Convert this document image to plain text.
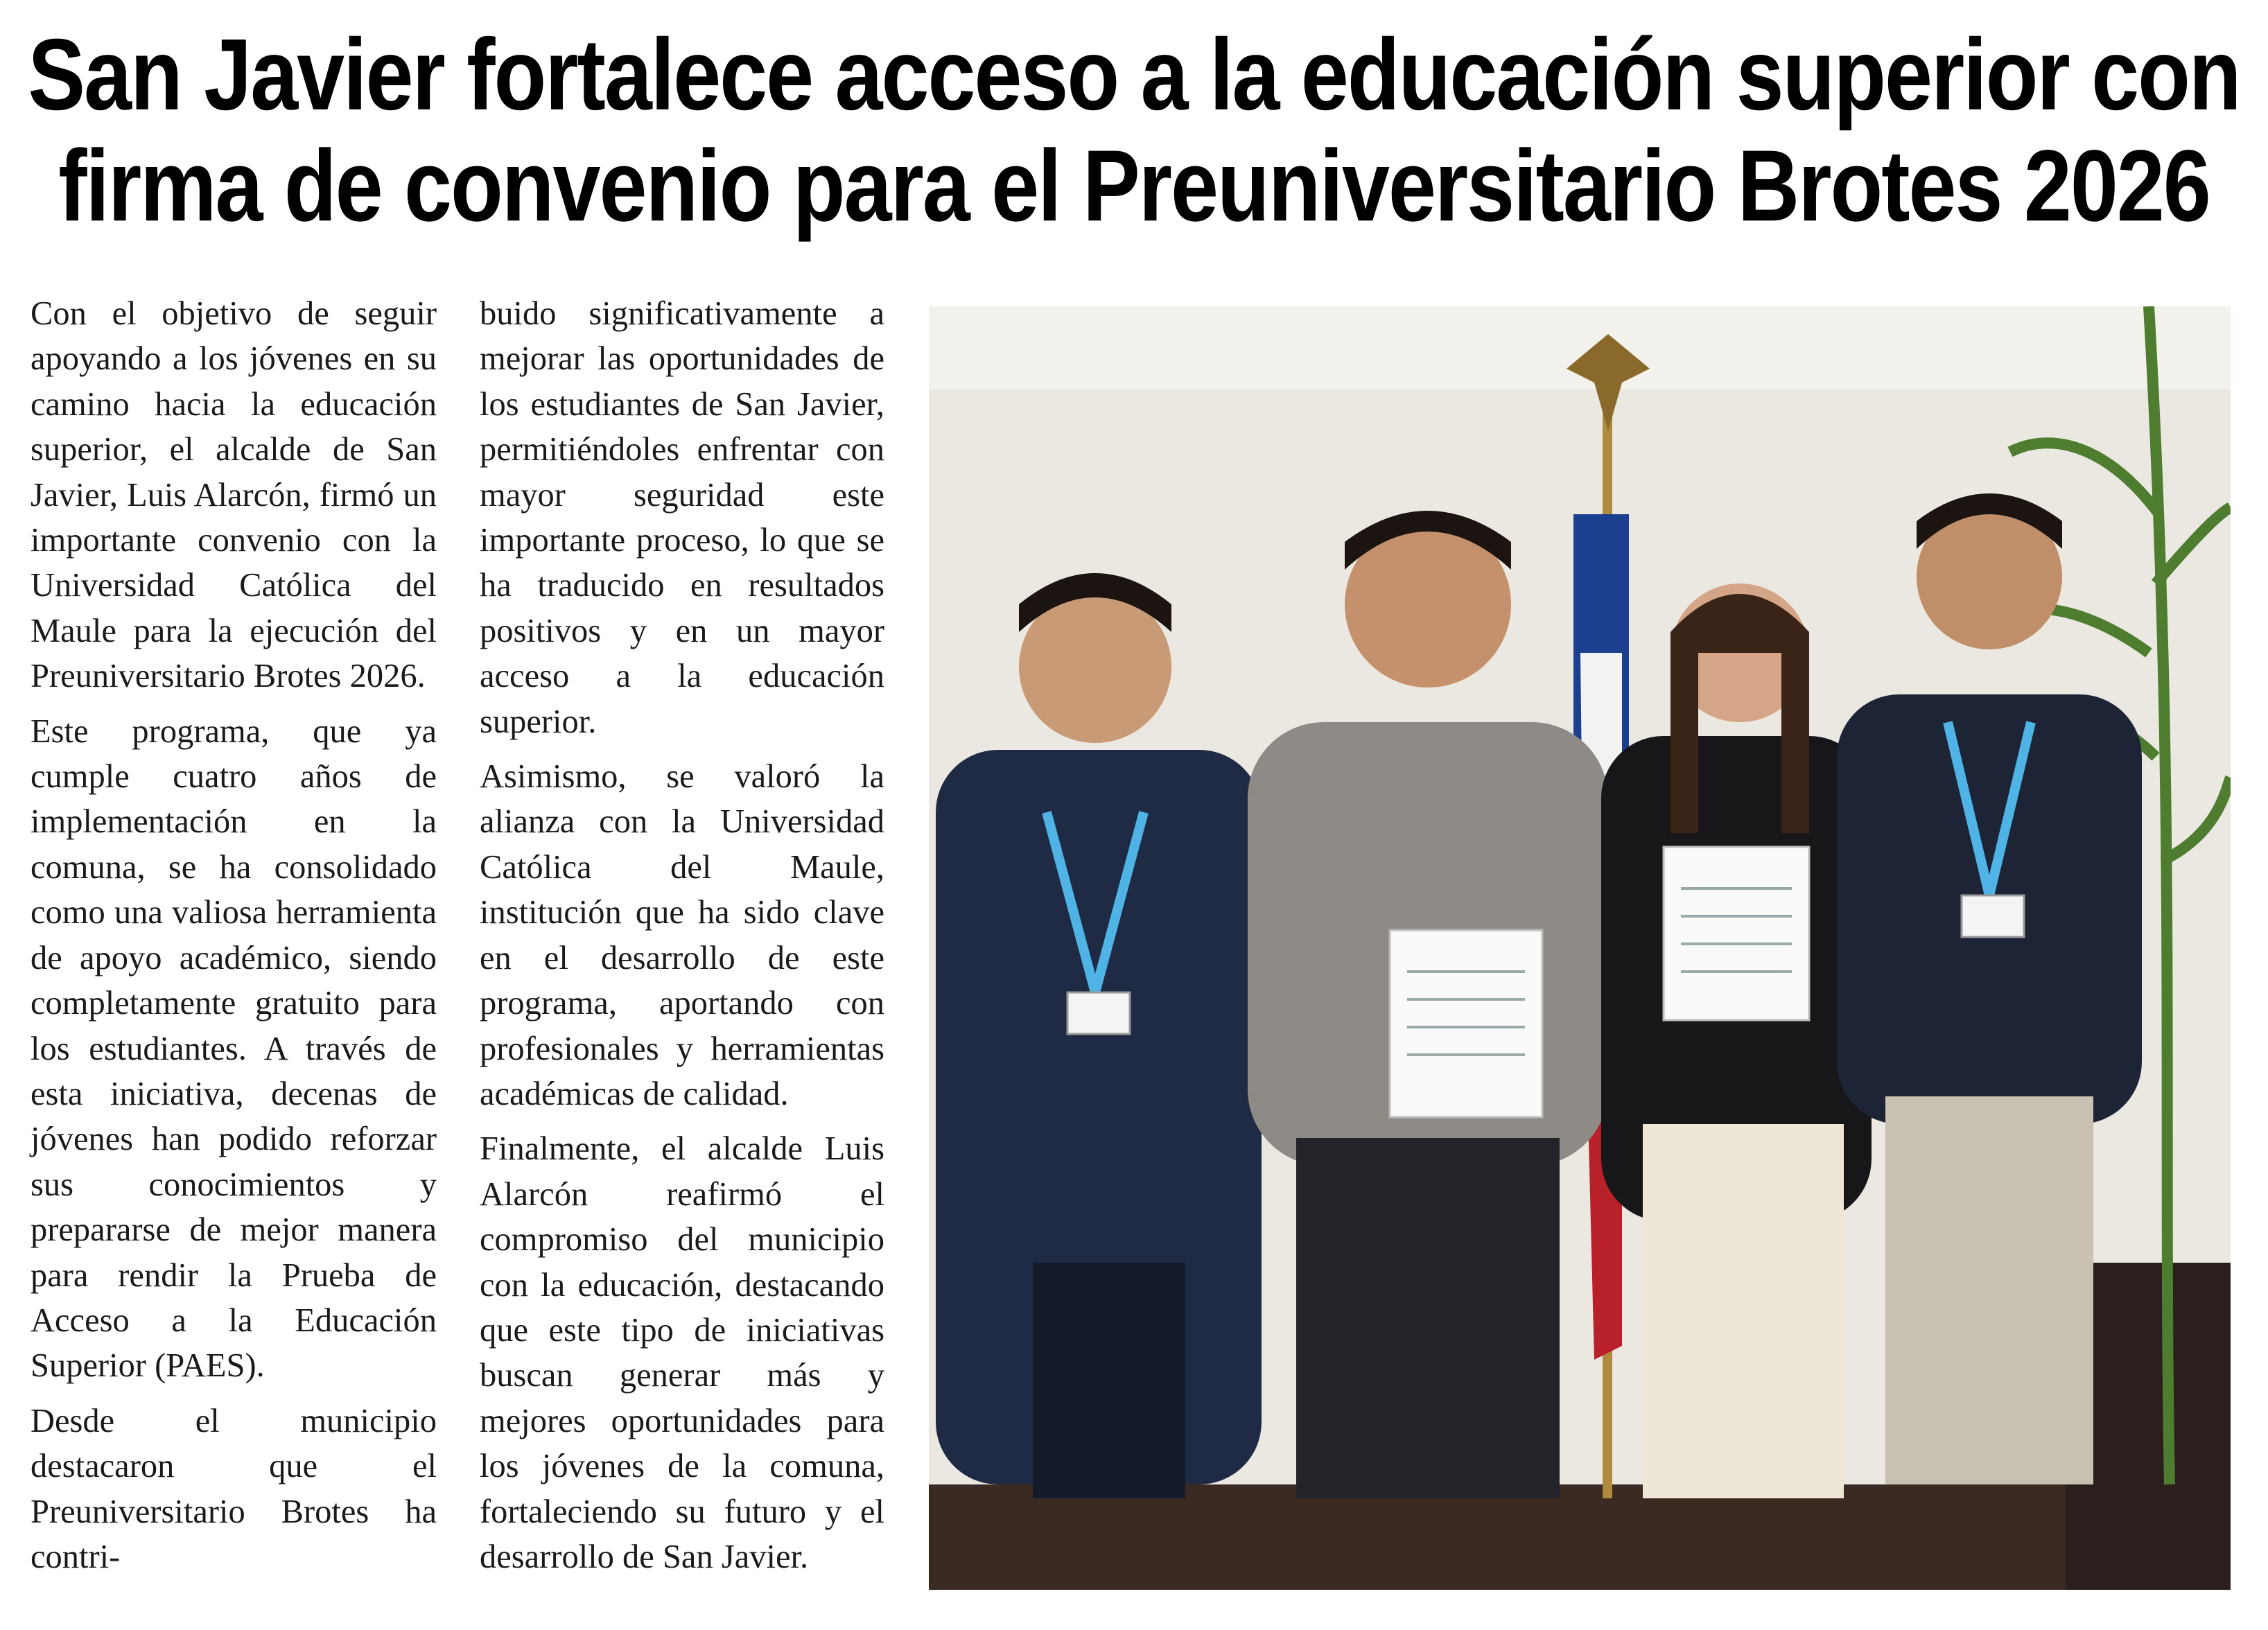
San Javier fortalece acceso a la educación superior con
firma de convenio para el Preuniversitario Brotes 2026

Con el objetivo de seguir apoyando a los jóvenes en su camino hacia la educación superior, el alcalde de San Javier, Luis Alarcón, firmó un importante convenio con la Universidad Católica del Maule para la ejecución del Preuniversitario Brotes 2026.

Este programa, que ya cumple cuatro años de implementación en la comuna, se ha consolidado como una valiosa herramienta de apoyo académico, siendo completamente gratuito para los estudiantes. A través de esta iniciativa, decenas de jóvenes han podido reforzar sus conocimientos y prepararse de mejor manera para rendir la Prueba de Acceso a la Educación Superior (PAES).

Desde el municipio destacaron que el Preuniversitario Brotes ha contri-

buido significativamente a mejorar las oportunidades de los estudiantes de San Javier, permitiéndoles enfrentar con mayor seguridad este importante proceso, lo que se ha traducido en resultados positivos y en un mayor acceso a la educación superior.

Asimismo, se valoró la alianza con la Universidad Católica del Maule, institución que ha sido clave en el desarrollo de este programa, aportando con profesionales y herramientas académicas de calidad.

Finalmente, el alcalde Luis Alarcón reafirmó el compromiso del municipio con la educación, destacando que este tipo de iniciativas buscan generar más y mejores oportunidades para los jóvenes de la comuna, fortaleciendo su futuro y el desarrollo de San Javier.
